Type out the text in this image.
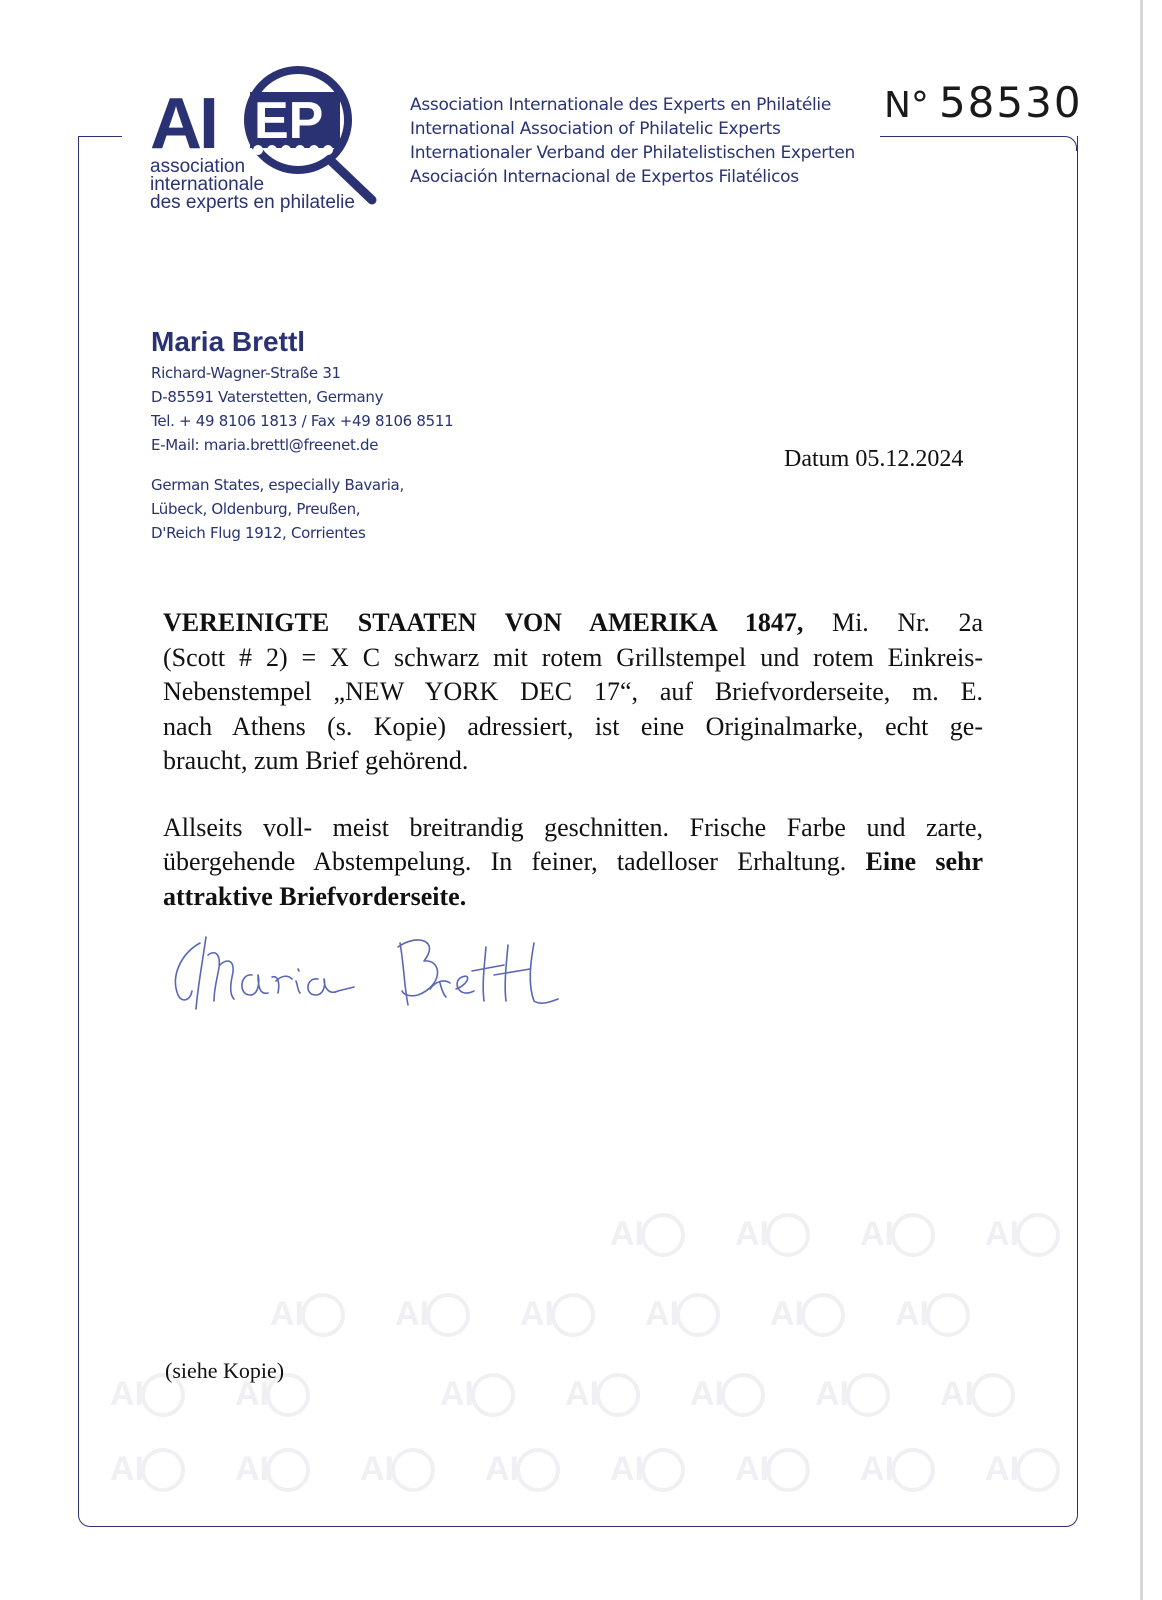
EP
AI
association
internationale
des experts en philatelie
Association Internationale des Experts en Philatélie
International Association of Philatelic Experts
Internationaler Verband der Philatelistischen Experten
Asociación Internacional de Expertos Filatélicos
N° 58530
Maria Brettl
Richard-Wagner-Straße 31
D-85591 Vaterstetten, Germany
Tel. + 49 8106 1813 / Fax +49 8106 8511
E-Mail: maria.brettl@freenet.de
German States, especially Bavaria,
Lübeck, Oldenburg, Preußen,
D'Reich Flug 1912, Corrientes
Datum 05.12.2024
VEREINIGTE STAATEN VON AMERIKA 1847, Mi. Nr. 2a
(Scott # 2) = X C schwarz mit rotem Grillstempel und rotem Einkreis-
Nebenstempel „NEW YORK DEC 17“, auf Briefvorderseite, m. E.
nach Athens (s. Kopie) adressiert, ist eine Originalmarke, echt ge-
braucht, zum Brief gehörend.
Allseits voll- meist breitrandig geschnitten. Frische Farbe und zarte,
übergehende Abstempelung. In feiner, tadelloser Erhaltung. Eine sehr
attraktive Briefvorderseite.
AI	AI	AI	AI
AI	AI	AI	AI	AI	AI
AI	AI	AI	AI	AI	AI	AI
AI	AI	AI	AI	AI	AI	AI	AI
(siehe Kopie)
